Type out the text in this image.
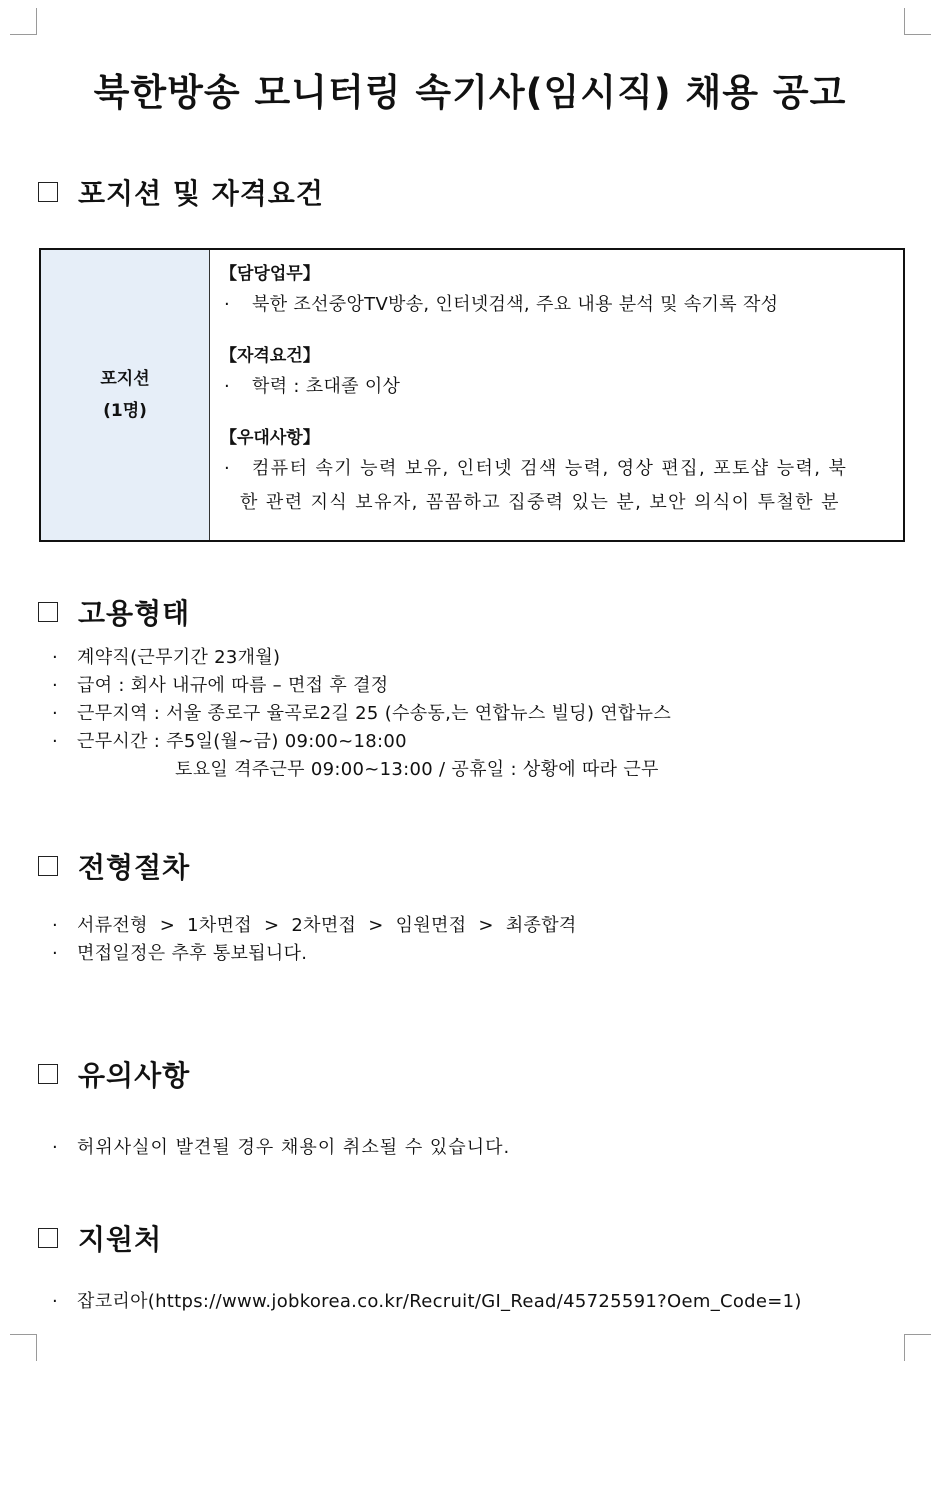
북한방송 모니터링 속기사(임시직) 채용 공고
포지션 및 자격요건
포지션
(1명)
【담당업무】
· 북한 조선중앙TV방송, 인터넷검색, 주요 내용 분석 및 속기록 작성
【자격요건】
· 학력 : 초대졸 이상
【우대사항】
· 컴퓨터 속기 능력 보유, 인터넷 검색 능력, 영상 편집, 포토샵 능력, 북
한 관련 지식 보유자, 꼼꼼하고 집중력 있는 분, 보안 의식이 투철한 분
고용형태
· 계약직(근무기간 23개월)
· 급여 : 회사 내규에 따름 – 면접 후 결정
· 근무지역 : 서울 종로구 율곡로2길 25 (수송동,는 연합뉴스 빌딩) 연합뉴스
· 근무시간 : 주5일(월~금) 09:00~18:00
토요일 격주근무 09:00~13:00 / 공휴일 : 상황에 따라 근무
전형절차
· 서류전형 > 1차면접 > 2차면접 > 임원면접 > 최종합격
· 면접일정은 추후 통보됩니다.
유의사항
· 허위사실이 발견될 경우 채용이 취소될 수 있습니다.
지원처
· 잡코리아(https://www.jobkorea.co.kr/Recruit/GI_Read/45725591?Oem_Code=1)
